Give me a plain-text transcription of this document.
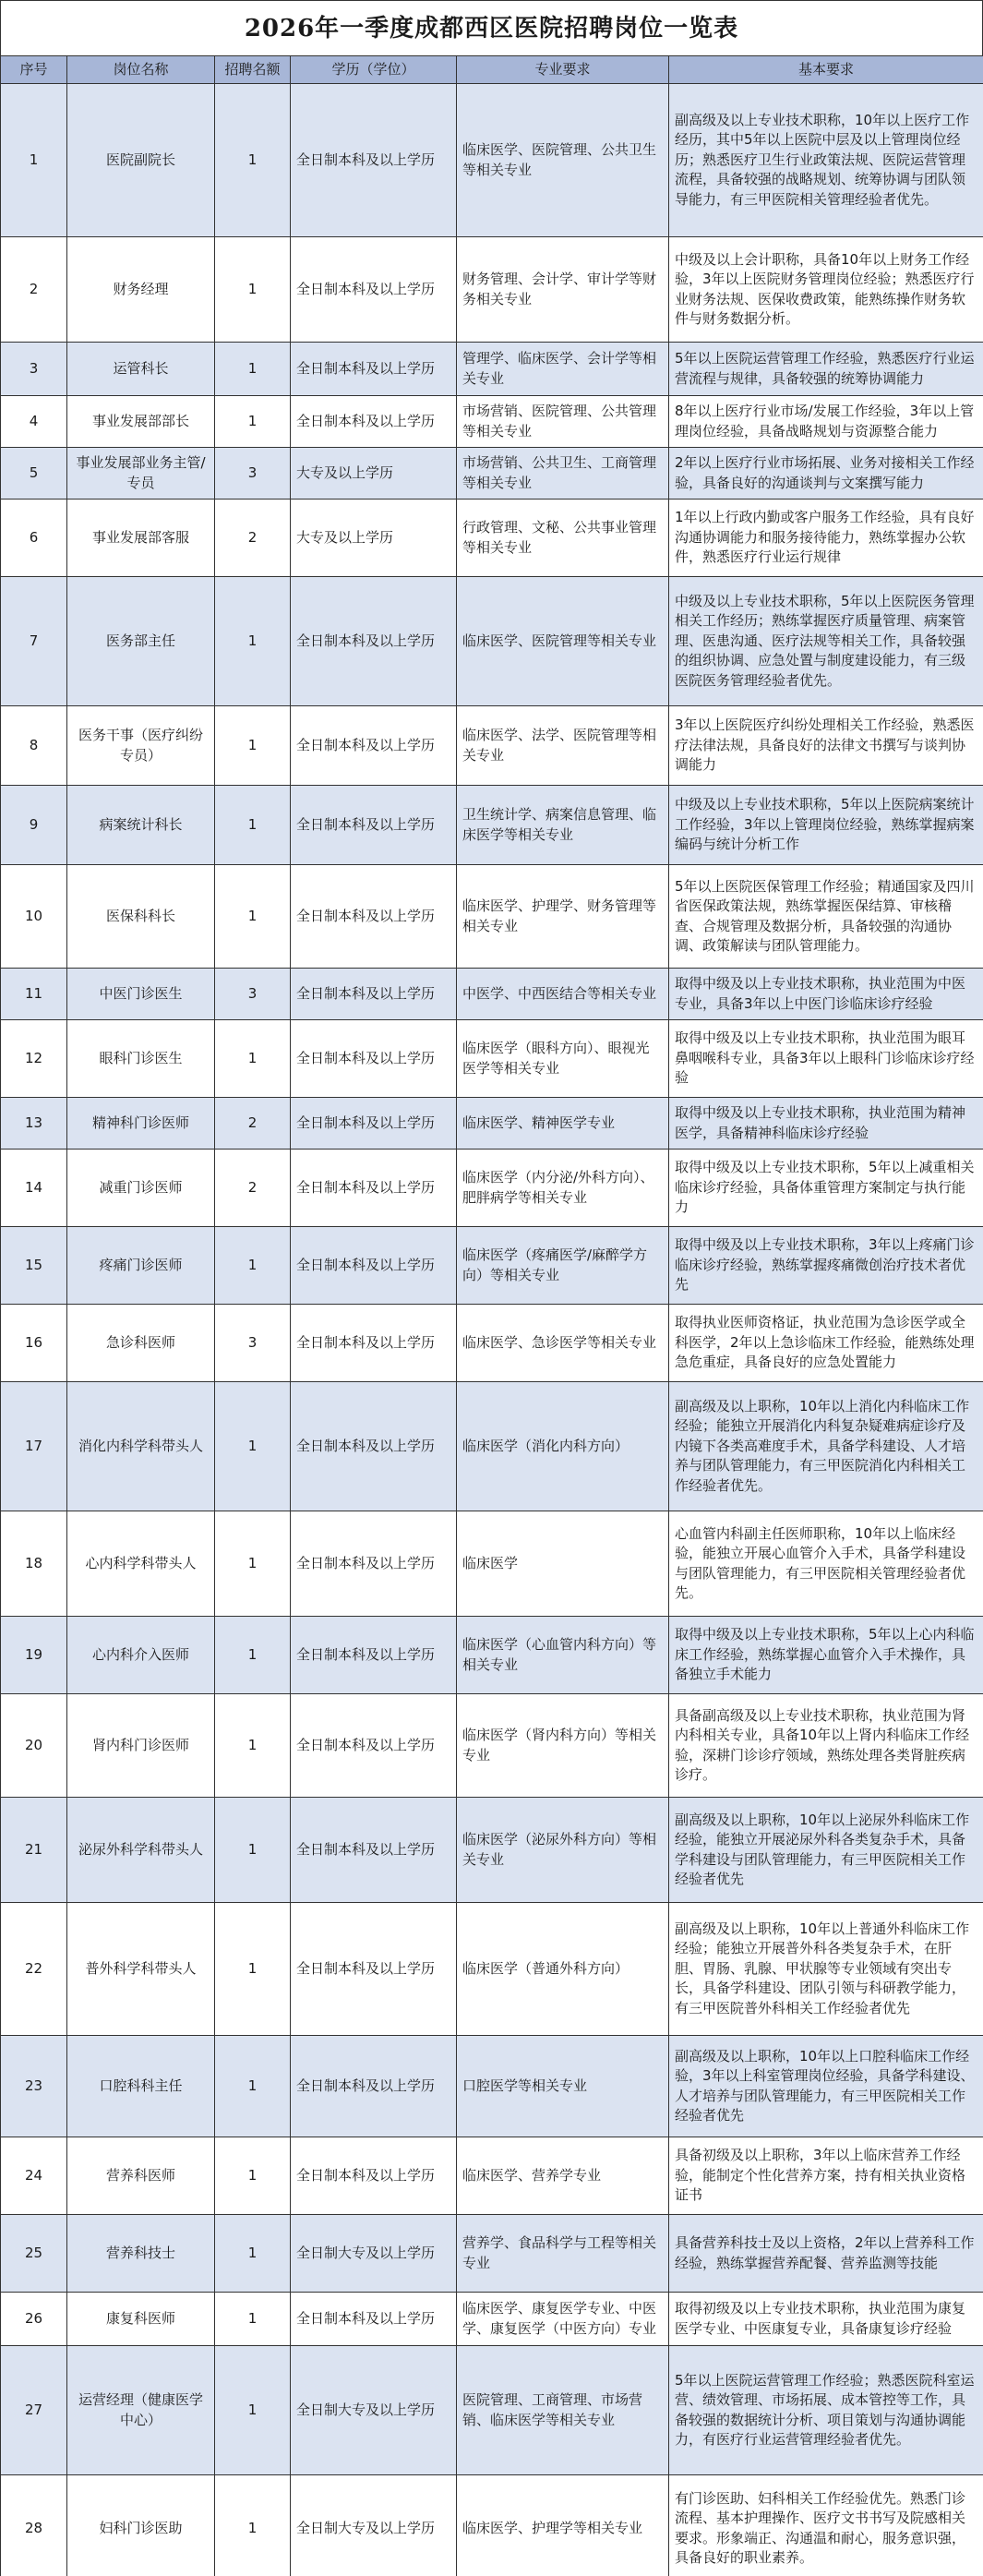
2026年一季度成都西区医院招聘岗位一览表
序号	岗位名称	招聘名额	学历（学位）	专业要求	基本要求
1	医院副院长	1	全日制本科及以上学历	临床医学、医院管理、公共卫生等相关专业	副高级及以上专业技术职称，10年以上医疗工作经历，其中5年以上医院中层及以上管理岗位经历；熟悉医疗卫生行业政策法规、医院运营管理流程，具备较强的战略规划、统筹协调与团队领导能力，有三甲医院相关管理经验者优先。
2	财务经理	1	全日制本科及以上学历	财务管理、会计学、审计学等财务相关专业	中级及以上会计职称，具备10年以上财务工作经验，3年以上医院财务管理岗位经验；熟悉医疗行业财务法规、医保收费政策，能熟练操作财务软件与财务数据分析。
3	运管科长	1	全日制本科及以上学历	管理学、临床医学、会计学等相关专业	5年以上医院运营管理工作经验，熟悉医疗行业运营流程与规律，具备较强的统筹协调能力
4	事业发展部部长	1	全日制本科及以上学历	市场营销、医院管理、公共管理等相关专业	8年以上医疗行业市场/发展工作经验，3年以上管理岗位经验，具备战略规划与资源整合能力
5	事业发展部业务主管/专员	3	大专及以上学历	市场营销、公共卫生、工商管理等相关专业	2年以上医疗行业市场拓展、业务对接相关工作经验，具备良好的沟通谈判与文案撰写能力
6	事业发展部客服	2	大专及以上学历	行政管理、文秘、公共事业管理等相关专业	1年以上行政内勤或客户服务工作经验，具有良好沟通协调能力和服务接待能力，熟练掌握办公软件，熟悉医疗行业运行规律
7	医务部主任	1	全日制本科及以上学历	临床医学、医院管理等相关专业	中级及以上专业技术职称，5年以上医院医务管理相关工作经历；熟练掌握医疗质量管理、病案管理、医患沟通、医疗法规等相关工作，具备较强的组织协调、应急处置与制度建设能力，有三级医院医务管理经验者优先。
8	医务干事（医疗纠纷专员）	1	全日制本科及以上学历	临床医学、法学、医院管理等相关专业	3年以上医院医疗纠纷处理相关工作经验，熟悉医疗法律法规，具备良好的法律文书撰写与谈判协调能力
9	病案统计科长	1	全日制本科及以上学历	卫生统计学、病案信息管理、临床医学等相关专业	中级及以上专业技术职称，5年以上医院病案统计工作经验，3年以上管理岗位经验，熟练掌握病案编码与统计分析工作
10	医保科科长	1	全日制本科及以上学历	临床医学、护理学、财务管理等相关专业	5年以上医院医保管理工作经验；精通国家及四川省医保政策法规，熟练掌握医保结算、审核稽查、合规管理及数据分析，具备较强的沟通协调、政策解读与团队管理能力。
11	中医门诊医生	3	全日制本科及以上学历	中医学、中西医结合等相关专业	取得中级及以上专业技术职称，执业范围为中医专业，具备3年以上中医门诊临床诊疗经验
12	眼科门诊医生	1	全日制本科及以上学历	临床医学（眼科方向）、眼视光医学等相关专业	取得中级及以上专业技术职称，执业范围为眼耳鼻咽喉科专业，具备3年以上眼科门诊临床诊疗经验
13	精神科门诊医师	2	全日制本科及以上学历	临床医学、精神医学专业	取得中级及以上专业技术职称，执业范围为精神医学，具备精神科临床诊疗经验
14	减重门诊医师	2	全日制本科及以上学历	临床医学（内分泌/外科方向）、肥胖病学等相关专业	取得中级及以上专业技术职称，5年以上减重相关临床诊疗经验，具备体重管理方案制定与执行能力
15	疼痛门诊医师	1	全日制本科及以上学历	临床医学（疼痛医学/麻醉学方向）等相关专业	取得中级及以上专业技术职称，3年以上疼痛门诊临床诊疗经验，熟练掌握疼痛微创治疗技术者优先
16	急诊科医师	3	全日制本科及以上学历	临床医学、急诊医学等相关专业	取得执业医师资格证，执业范围为急诊医学或全科医学，2年以上急诊临床工作经验，能熟练处理急危重症，具备良好的应急处置能力
17	消化内科学科带头人	1	全日制本科及以上学历	临床医学（消化内科方向）	副高级及以上职称，10年以上消化内科临床工作经验；能独立开展消化内科复杂疑难病症诊疗及内镜下各类高难度手术，具备学科建设、人才培养与团队管理能力，有三甲医院消化内科相关工作经验者优先。
18	心内科学科带头人	1	全日制本科及以上学历	临床医学	心血管内科副主任医师职称，10年以上临床经验，能独立开展心血管介入手术，具备学科建设与团队管理能力，有三甲医院相关管理经验者优先。
19	心内科介入医师	1	全日制本科及以上学历	临床医学（心血管内科方向）等相关专业	取得中级及以上专业技术职称，5年以上心内科临床工作经验，熟练掌握心血管介入手术操作，具备独立手术能力
20	肾内科门诊医师	1	全日制本科及以上学历	临床医学（肾内科方向）等相关专业	具备副高级及以上专业技术职称，执业范围为肾内科相关专业，具备10年以上肾内科临床工作经验，深耕门诊诊疗领域，熟练处理各类肾脏疾病诊疗。
21	泌尿外科学科带头人	1	全日制本科及以上学历	临床医学（泌尿外科方向）等相关专业	副高级及以上职称，10年以上泌尿外科临床工作经验，能独立开展泌尿外科各类复杂手术，具备学科建设与团队管理能力，有三甲医院相关工作经验者优先
22	普外科学科带头人	1	全日制本科及以上学历	临床医学（普通外科方向）	副高级及以上职称，10年以上普通外科临床工作经验；能独立开展普外科各类复杂手术，在肝胆、胃肠、乳腺、甲状腺等专业领域有突出专长，具备学科建设、团队引领与科研教学能力，有三甲医院普外科相关工作经验者优先
23	口腔科科主任	1	全日制本科及以上学历	口腔医学等相关专业	副高级及以上职称，10年以上口腔科临床工作经验，3年以上科室管理岗位经验，具备学科建设、人才培养与团队管理能力，有三甲医院相关工作经验者优先
24	营养科医师	1	全日制本科及以上学历	临床医学、营养学专业	具备初级及以上职称，3年以上临床营养工作经验，能制定个性化营养方案，持有相关执业资格证书
25	营养科技士	1	全日制大专及以上学历	营养学、食品科学与工程等相关专业	具备营养科技士及以上资格，2年以上营养科工作经验，熟练掌握营养配餐、营养监测等技能
26	康复科医师	1	全日制本科及以上学历	临床医学、康复医学专业、中医学、康复医学（中医方向）专业	取得初级及以上专业技术职称，执业范围为康复医学专业、中医康复专业，具备康复诊疗经验
27	运营经理（健康医学中心）	1	全日制大专及以上学历	医院管理、工商管理、市场营销、临床医学等相关专业	5年以上医院运营管理工作经验；熟悉医院科室运营、绩效管理、市场拓展、成本管控等工作，具备较强的数据统计分析、项目策划与沟通协调能力，有医疗行业运营管理经验者优先。
28	妇科门诊医助	1	全日制大专及以上学历	临床医学、护理学等相关专业	有门诊医助、妇科相关工作经验优先。熟悉门诊流程、基本护理操作、医疗文书书写及院感相关要求。形象端正、沟通温和耐心，服务意识强，具备良好的职业素养。
